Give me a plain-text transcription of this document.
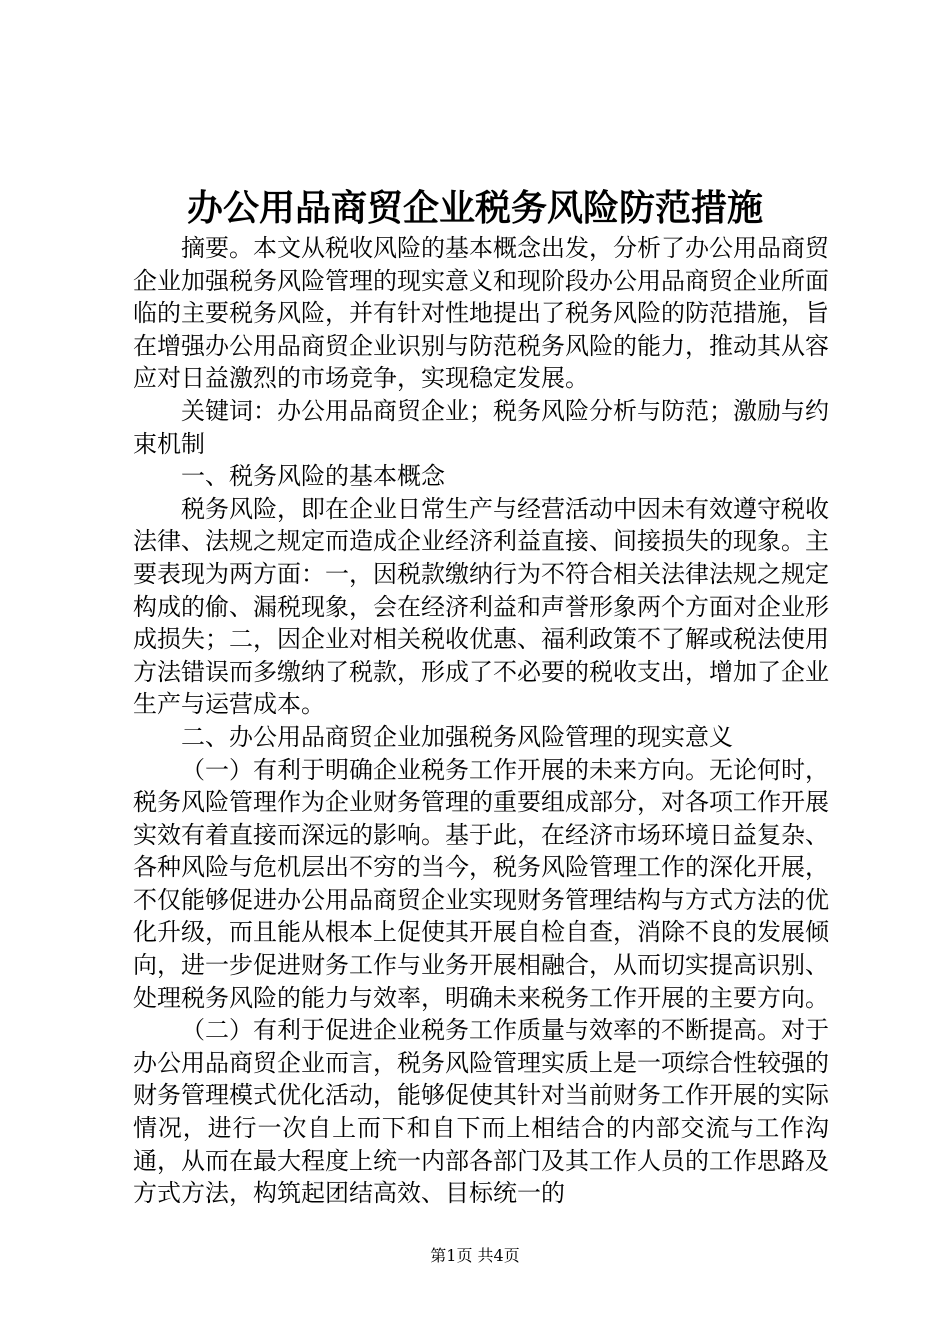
办公用品商贸企业税务风险防范措施

摘要。本文从税收风险的基本概念出发，分析了办公用品商贸企业加强税务风险管理的现实意义和现阶段办公用品商贸企业所面临的主要税务风险，并有针对性地提出了税务风险的防范措施，旨在增强办公用品商贸企业识别与防范税务风险的能力，推动其从容应对日益激烈的市场竞争，实现稳定发展。

关键词：办公用品商贸企业；税务风险分析与防范；激励与约束机制

一、税务风险的基本概念

税务风险，即在企业日常生产与经营活动中因未有效遵守税收法律、法规之规定而造成企业经济利益直接、间接损失的现象。主要表现为两方面：一，因税款缴纳行为不符合相关法律法规之规定构成的偷、漏税现象，会在经济利益和声誉形象两个方面对企业形成损失；二，因企业对相关税收优惠、福利政策不了解或税法使用方法错误而多缴纳了税款，形成了不必要的税收支出，增加了企业生产与运营成本。

二、办公用品商贸企业加强税务风险管理的现实意义

（一）有利于明确企业税务工作开展的未来方向。无论何时，税务风险管理作为企业财务管理的重要组成部分，对各项工作开展实效有着直接而深远的影响。基于此，在经济市场环境日益复杂、各种风险与危机层出不穷的当今，税务风险管理工作的深化开展，不仅能够促进办公用品商贸企业实现财务管理结构与方式方法的优化升级，而且能从根本上促使其开展自检自查，消除不良的发展倾向，进一步促进财务工作与业务开展相融合，从而切实提高识别、处理税务风险的能力与效率，明确未来税务工作开展的主要方向。

（二）有利于促进企业税务工作质量与效率的不断提高。对于办公用品商贸企业而言，税务风险管理实质上是一项综合性较强的财务管理模式优化活动，能够促使其针对当前财务工作开展的实际情况，进行一次自上而下和自下而上相结合的内部交流与工作沟通，从而在最大程度上统一内部各部门及其工作人员的工作思路及方式方法，构筑起团结高效、目标统一的

第1页 共4页
